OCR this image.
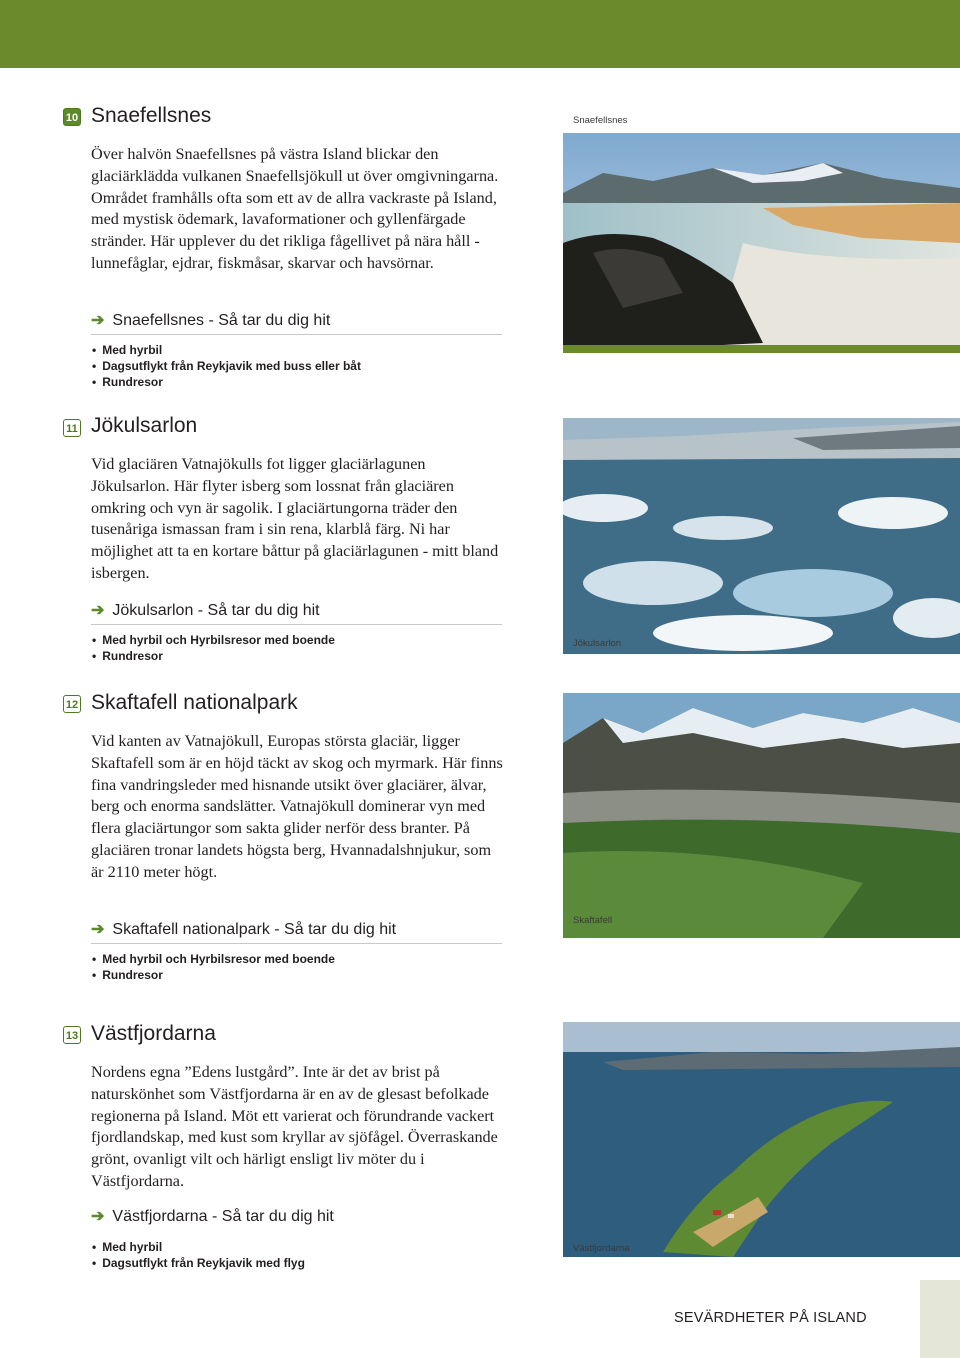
10 Snaefellsnes

Över halvön Snaefellsnes på västra Island blickar den glaciärklädda vulkanen Snaefellsjökull ut över omgivningarna. Området framhålls ofta som ett av de allra vackraste på Island, med mystisk ödemark, lavaformationer och gyllenfärgade stränder. Här upplever du det rikliga fågellivet på nära håll - lunnefåglar, ejdrar, fiskmåsar, skarvar och havsörnar.

➔ Snaefellsnes - Så tar du dig hit
• Med hyrbil
• Dagsutflykt från Reykjavik med buss eller båt
• Rundresor
Snaefellsnes
11 Jökulsarlon

Vid glaciären Vatnajökulls fot ligger glaciärlagunen Jökulsarlon. Här flyter isberg som lossnat från glaciären omkring och vyn är sagolik. I glaciärtungorna träder den tusenåriga ismassan fram i sin rena, klarblå färg. Ni har möjlighet att ta en kortare båttur på glaciärlagunen - mitt bland isbergen.

➔ Jökulsarlon - Så tar du dig hit
• Med hyrbil och Hyrbilsresor med boende
• Rundresor
Jökulsarlon
12 Skaftafell nationalpark

Vid kanten av Vatnajökull, Europas största glaciär, ligger Skaftafell som är en höjd täckt av skog och myrmark. Här finns fina vandringsleder med hisnande utsikt över glaciärer, älvar, berg och enorma sandslätter. Vatnajökull dominerar vyn med flera glaciärtungor som sakta glider nerför dess branter. På glaciären tronar landets högsta berg, Hvannadalshnjukur, som är 2110 meter högt.

➔ Skaftafell nationalpark - Så tar du dig hit
• Med hyrbil och Hyrbilsresor med boende
• Rundresor
Skaftafell
13 Västfjordarna

Nordens egna ”Edens lustgård”. Inte är det av brist på naturskönhet som Västfjordarna är en av de glesast befolkade regionerna på Island. Möt ett varierat och förundrande vackert fjordlandskap, med kust som kryllar av sjöfågel. Överraskande grönt, ovanligt vilt och härligt ensligt liv möter du i Västfjordarna.

➔ Västfjordarna - Så tar du dig hit
• Med hyrbil
• Dagsutflykt från Reykjavik med flyg
Västfjordarna
SEVÄRDHETER PÅ ISLAND
